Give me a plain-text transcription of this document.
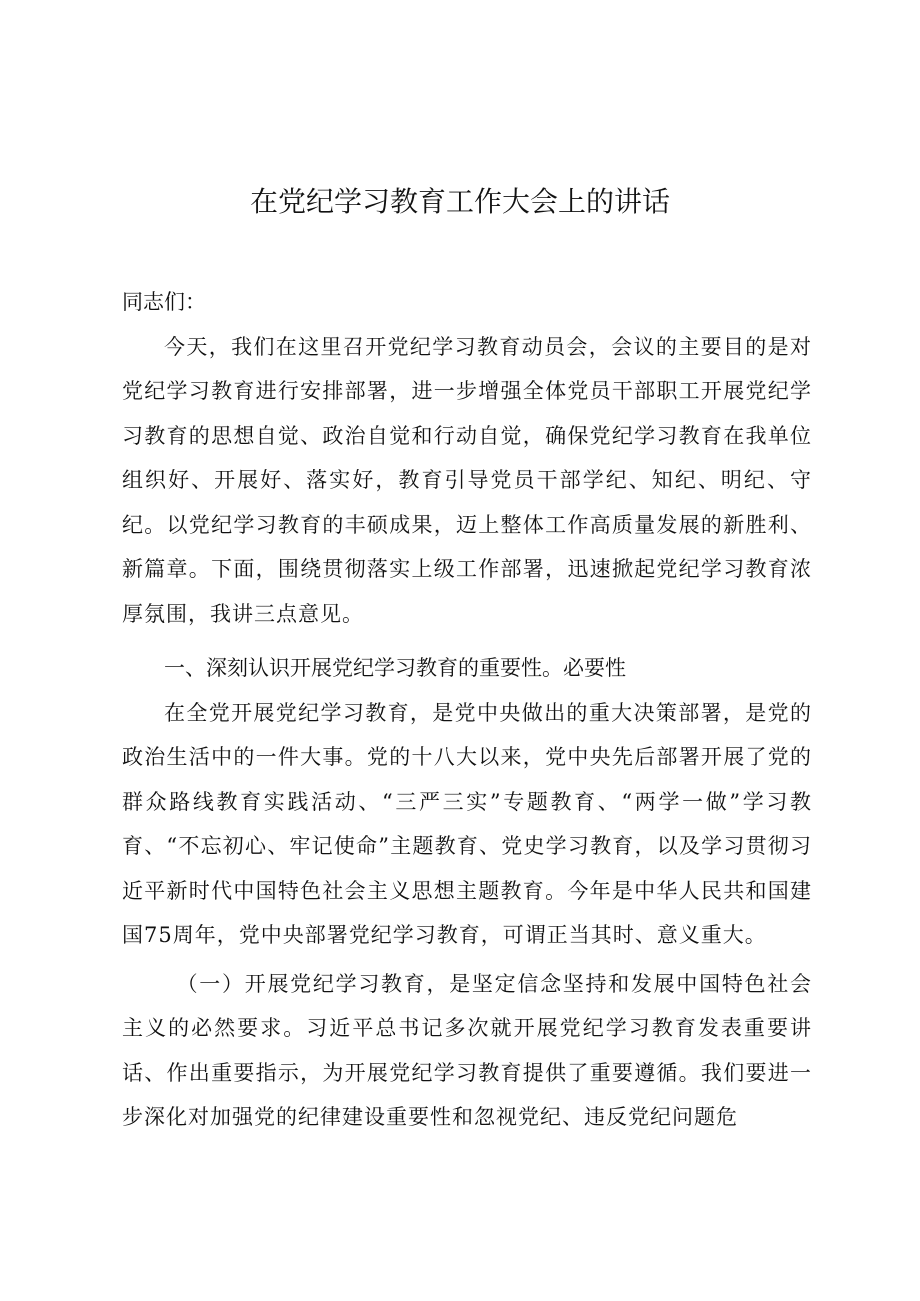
在党纪学习教育工作大会上的讲话

同志们：

今天，我们在这里召开党纪学习教育动员会，会议的主要目的是对党纪学习教育进行安排部署，进一步增强全体党员干部职工开展党纪学习教育的思想自觉、政治自觉和行动自觉，确保党纪学习教育在我单位组织好、开展好、落实好，教育引导党员干部学纪、知纪、明纪、守纪。以党纪学习教育的丰硕成果，迈上整体工作高质量发展的新胜利、新篇章。下面，围绕贯彻落实上级工作部署，迅速掀起党纪学习教育浓厚氛围，我讲三点意见。

一、深刻认识开展党纪学习教育的重要性。必要性

在全党开展党纪学习教育，是党中央做出的重大决策部署，是党的政治生活中的一件大事。党的十八大以来，党中央先后部署开展了党的群众路线教育实践活动、“三严三实”专题教育、“两学一做”学习教育、“不忘初心、牢记使命”主题教育、党史学习教育，以及学习贯彻习近平新时代中国特色社会主义思想主题教育。今年是中华人民共和国建国75周年，党中央部署党纪学习教育，可谓正当其时、意义重大。

（一）开展党纪学习教育，是坚定信念坚持和发展中国特色社会主义的必然要求。习近平总书记多次就开展党纪学习教育发表重要讲话、作出重要指示，为开展党纪学习教育提供了重要遵循。我们要进一步深化对加强党的纪律建设重要性和忽视党纪、违反党纪问题危
